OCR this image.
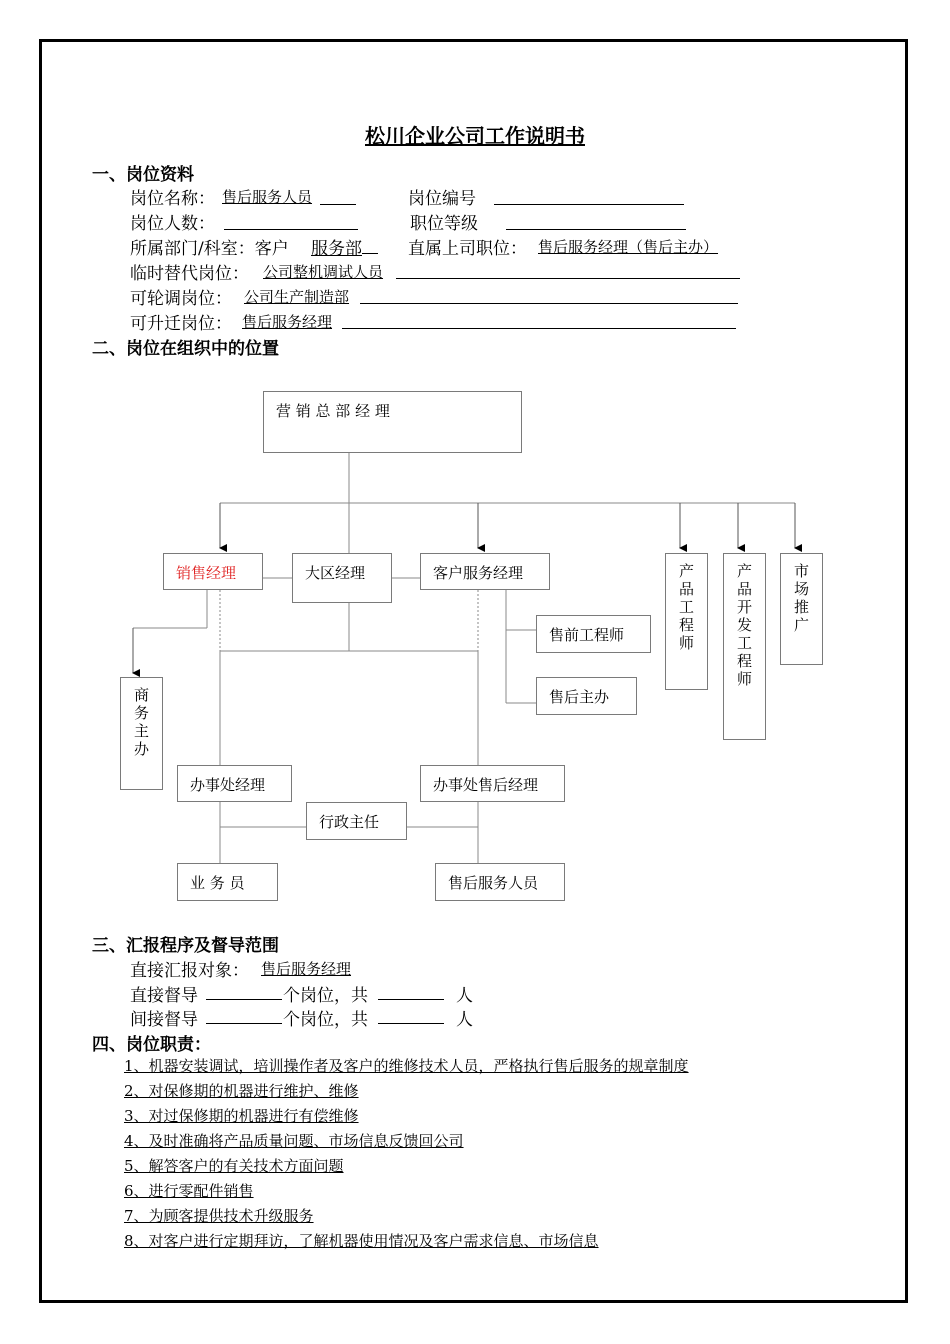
松川企业公司工作说明书
一、岗位资料
岗位名称： 售后服务人员	岗位编号
岗位人数：	职位等级
所属部门/科室：客户 服务部	直属上司职位： 售后服务经理（售后主办）
临时替代岗位： 公司整机调试人员
可轮调岗位： 公司生产制造部
可升迁岗位： 售后服务经理
二、岗位在组织中的位置
营 销 总 部 经 理
销售经理	大区经理	客户服务经理	产品工程师
产品开发工程师
市场推广
售前工程师
售后主办
商务主办
办事处经理	办事处售后经理
行政主任
业 务 员	售后服务人员
三、汇报程序及督导范围
直接汇报对象： 售后服务经理
直接督导	个岗位，共	人
间接督导	个岗位，共	人
四、岗位职责：
1、机器安装调试，培训操作者及客户的维修技术人员，严格执行售后服务的规章制度
2、对保修期的机器进行维护、维修
3、对过保修期的机器进行有偿维修
4、及时准确将产品质量问题、市场信息反馈回公司
5、解答客户的有关技术方面问题
6、进行零配件销售
7、为顾客提供技术升级服务
8、对客户进行定期拜访，了解机器使用情况及客户需求信息、市场信息
